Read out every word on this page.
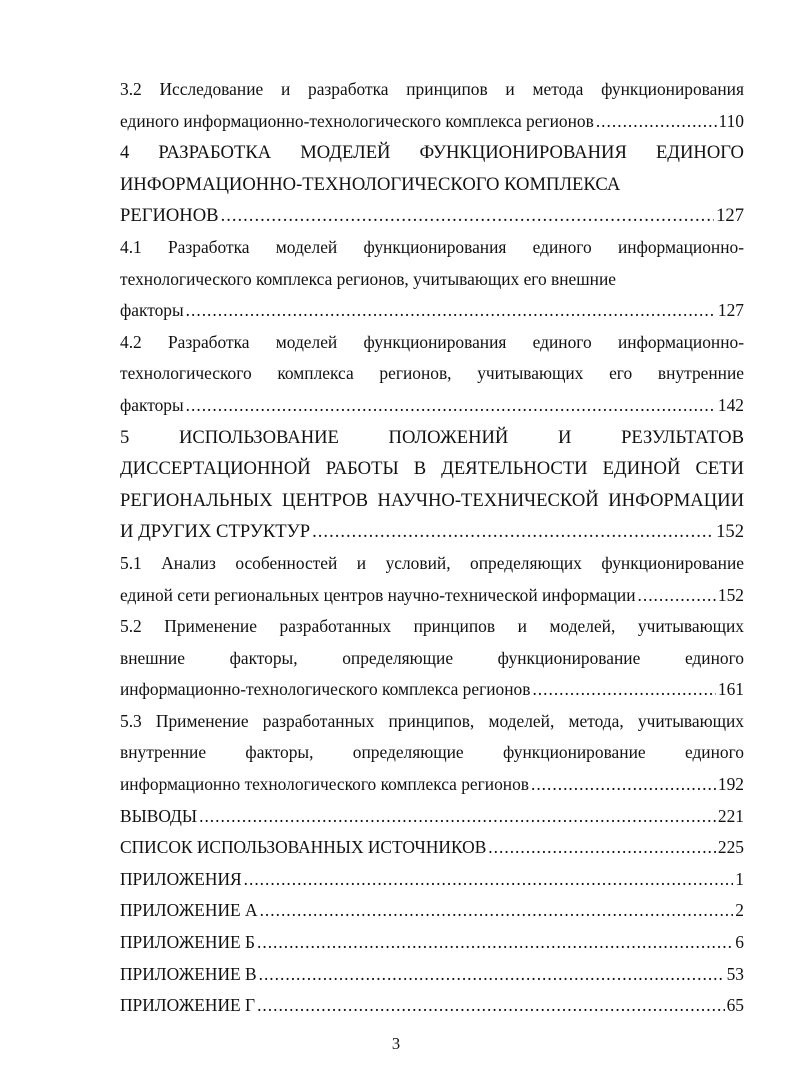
3.2 Исследование и разработка принципов и метода функционирования
единого информационно-технологического комплекса регионов .....	110
4 РАЗРАБОТКА МОДЕЛЕЙ ФУНКЦИОНИРОВАНИЯ ЕДИНОГО
ИНФОРМАЦИОННО-ТЕХНОЛОГИЧЕСКОГО КОМПЛЕКСА
РЕГИОНОВ .....	127
4.1 Разработка моделей функционирования единого информационно-
технологического комплекса регионов, учитывающих его внешние
факторы .....	127
4.2 Разработка моделей функционирования единого информационно-
технологического комплекса регионов, учитывающих его внутренние
факторы .....	142
5 ИСПОЛЬЗОВАНИЕ ПОЛОЖЕНИЙ И РЕЗУЛЬТАТОВ
ДИССЕРТАЦИОННОЙ РАБОТЫ В ДЕЯТЕЛЬНОСТИ ЕДИНОЙ СЕТИ
РЕГИОНАЛЬНЫХ ЦЕНТРОВ НАУЧНО-ТЕХНИЧЕСКОЙ ИНФОРМАЦИИ
И ДРУГИХ СТРУКТУР .....	152
5.1 Анализ особенностей и условий, определяющих функционирование
единой сети региональных центров научно-технической информации .....	152
5.2 Применение разработанных принципов и моделей, учитывающих
внешние факторы, определяющие функционирование единого
информационно-технологического комплекса регионов .....	161
5.3 Применение разработанных принципов, моделей, метода, учитывающих
внутренние факторы, определяющие функционирование единого
информационно технологического комплекса регионов .....	192
ВЫВОДЫ .....	221
СПИСОК ИСПОЛЬЗОВАННЫХ ИСТОЧНИКОВ .....	225
ПРИЛОЖЕНИЯ .....	1
ПРИЛОЖЕНИЕ А .....	2
ПРИЛОЖЕНИЕ Б .....	6
ПРИЛОЖЕНИЕ В .....	53
ПРИЛОЖЕНИЕ Г .....	65
3
